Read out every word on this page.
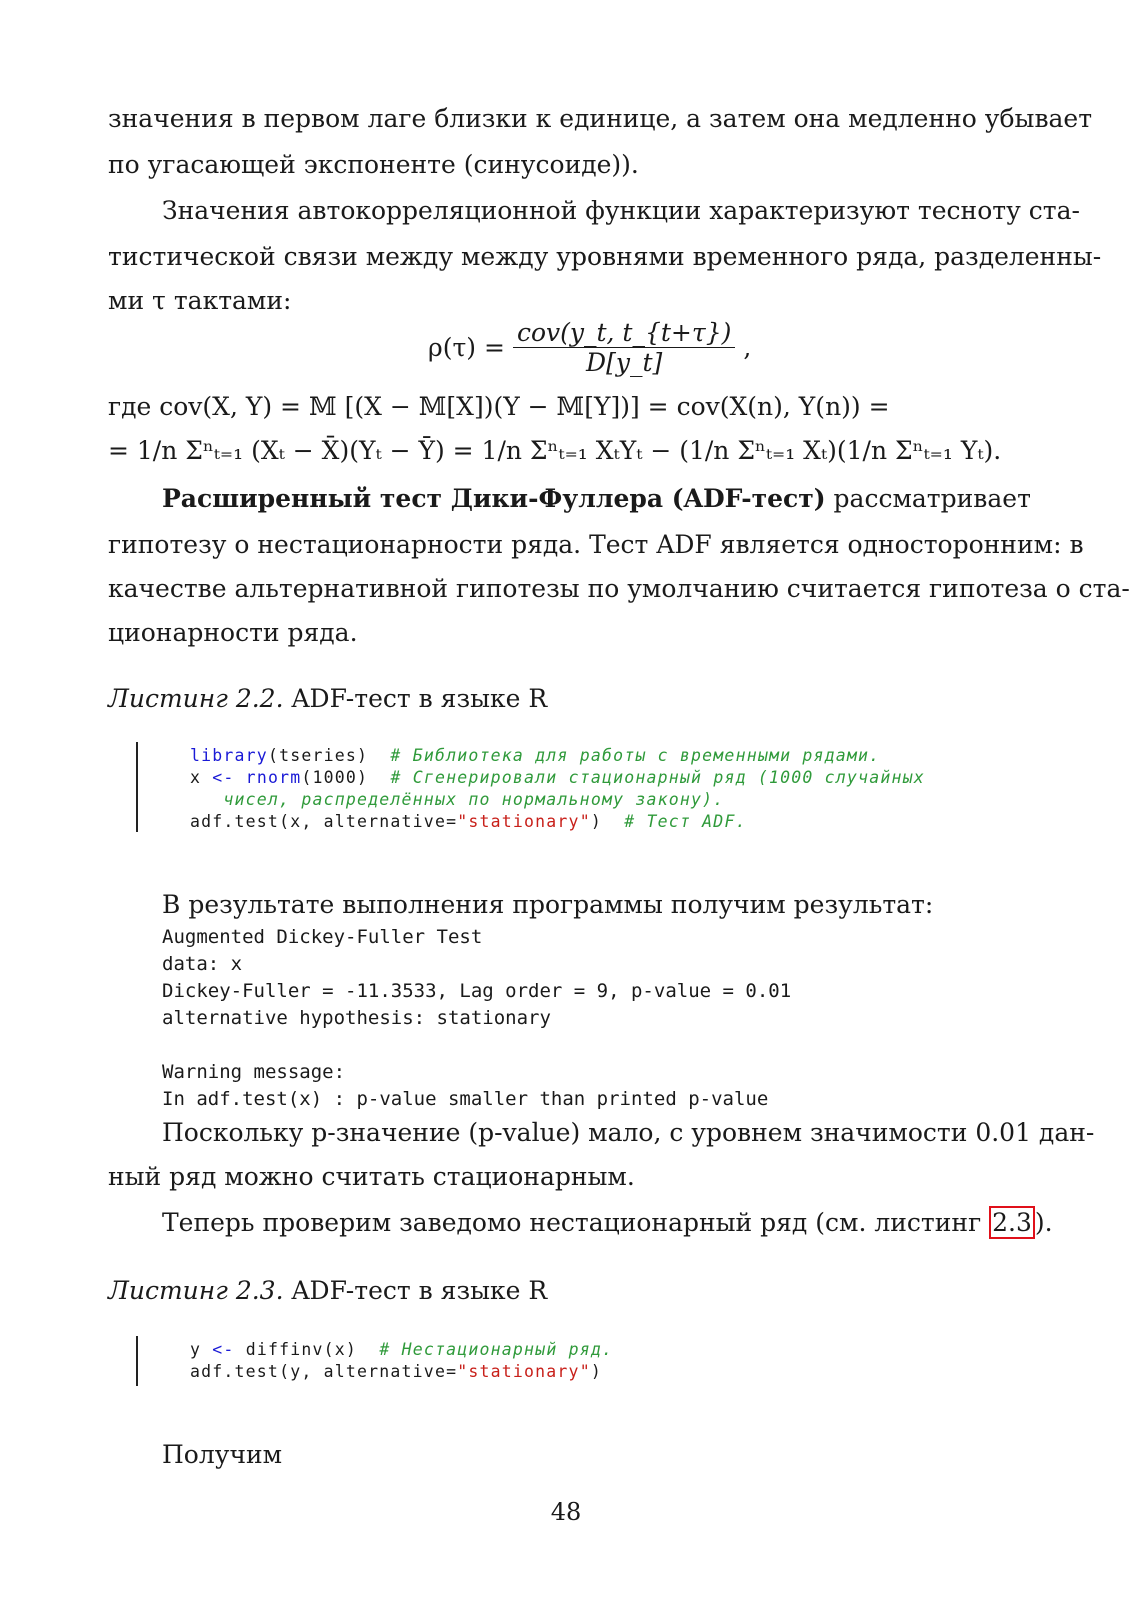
значения в первом лаге близки к единице, а затем она медленно убывает
по угасающей экспоненте (синусоиде)).
Значения автокорреляционной функции характеризуют тесноту ста-
тистической связи между между уровнями временного ряда, разделенны-
ми τ тактами:
$\rho(\tau) = \frac{\text{cov(y\_t, t\_\{t+τ\})}}{D[y\_t]}$ ,
где cov(X, Y) = 𝕄 [(X − 𝕄[X])(Y − 𝕄[Y])] = cov(X(n), Y(n)) =
= 1/n Σⁿₜ₌₁ (Xₜ − X̄)(Yₜ − Ȳ) = 1/n Σⁿₜ₌₁ XₜYₜ − (1/n Σⁿₜ₌₁ Xₜ)(1/n Σⁿₜ₌₁ Yₜ).
Расширенный тест Дики-Фуллера (ADF-тест) рассматривает
гипотезу о нестационарности ряда. Тест ADF является односторонним: в
качестве альтернативной гипотезы по умолчанию считается гипотеза о ста-
ционарности ряда.
Листинг 2.2. ADF-тест в языке R
library(tseries)  # Библиотека для работы с временными рядами.
x <- rnorm(1000)  # Сгенерировали стационарный ряд (1000 случайных
чисел, распределённых по нормальному закону).
adf.test(x, alternative="stationary")  # Тест ADF.
В результате выполнения программы получим результат:
Augmented Dickey-Fuller Test
data: x
Dickey-Fuller = -11.3533, Lag order = 9, p-value = 0.01
alternative hypothesis: stationary
Warning message:
In adf.test(x) : p-value smaller than printed p-value
Поскольку p-значение (p-value) мало, с уровнем значимости 0.01 дан-
ный ряд можно считать стационарным.
Теперь проверим заведомо нестационарный ряд (см. листинг 2.3 ).
Листинг 2.3. ADF-тест в языке R
y <- diffinv(x)  # Нестационарный ряд.
adf.test(y, alternative="stationary")
Получим
48
